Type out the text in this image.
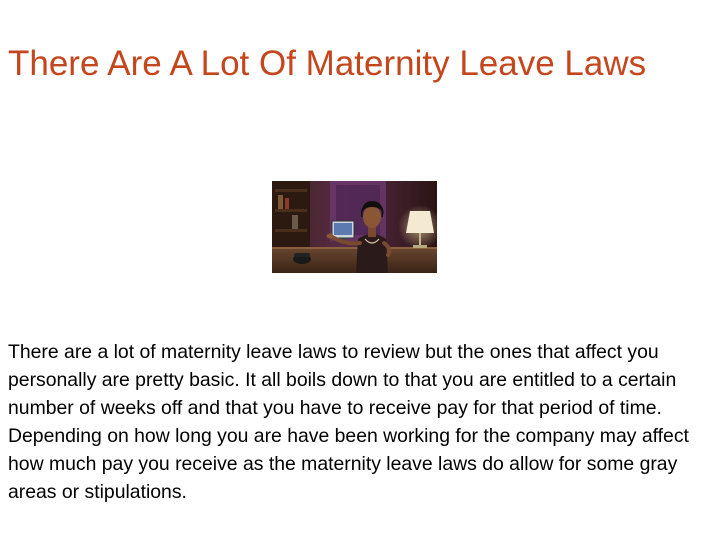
There Are A Lot Of Maternity Leave Laws

There are a lot of maternity leave laws to review but the ones that affect you personally are pretty basic. It all boils down to that you are entitled to a certain number of weeks off and that you have to receive pay for that period of time. Depending on how long you are have been working for the company may affect how much pay you receive as the maternity leave laws do allow for some gray areas or stipulations.
